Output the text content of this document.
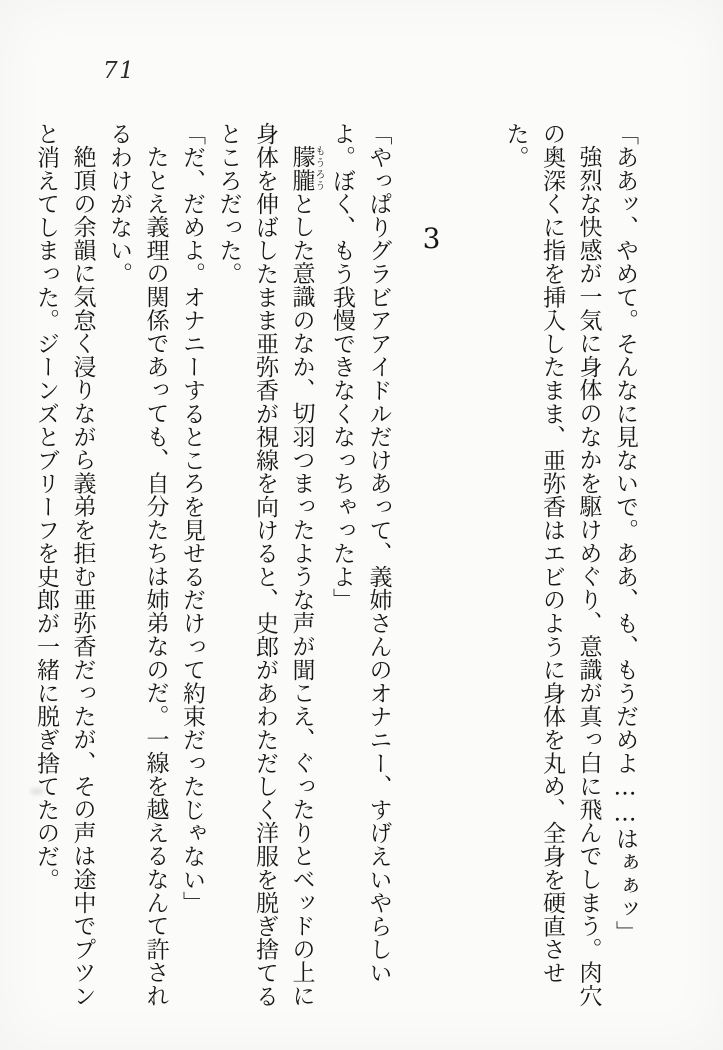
71

「ああッ、やめて。そんなに見ないで。ああ、も、もうだめよ……はぁぁッ」

強烈な快感が一気に身体のなかを駆けめぐり、意識が真っ白に飛んでしまう。肉穴の奥深くに指を挿入したまま、亜弥香はエビのように身体を丸め、全身を硬直させた。

3

「やっぱりグラビアアイドルだけあって、義姉さんのオナニー、すげえいやらしいよ。ぼく、もう我慢できなくなっちゃったよ」

朦朧もうろうとした意識のなか、切羽つまったような声が聞こえ、ぐったりとベッドの上に身体を伸ばしたまま亜弥香が視線を向けると、史郎があわただしく洋服を脱ぎ捨てるところだった。

「だ、だめよ。オナニーするところを見せるだけって約束だったじゃない」

たとえ義理の関係であっても、自分たちは姉弟なのだ。一線を越えるなんて許されるわけがない。

絶頂の余韻に気怠く浸りながら義弟を拒む亜弥香だったが、その声は途中でプツンと消えてしまった。ジーンズとブリーフを史郎が一緒に脱ぎ捨てたのだ。
